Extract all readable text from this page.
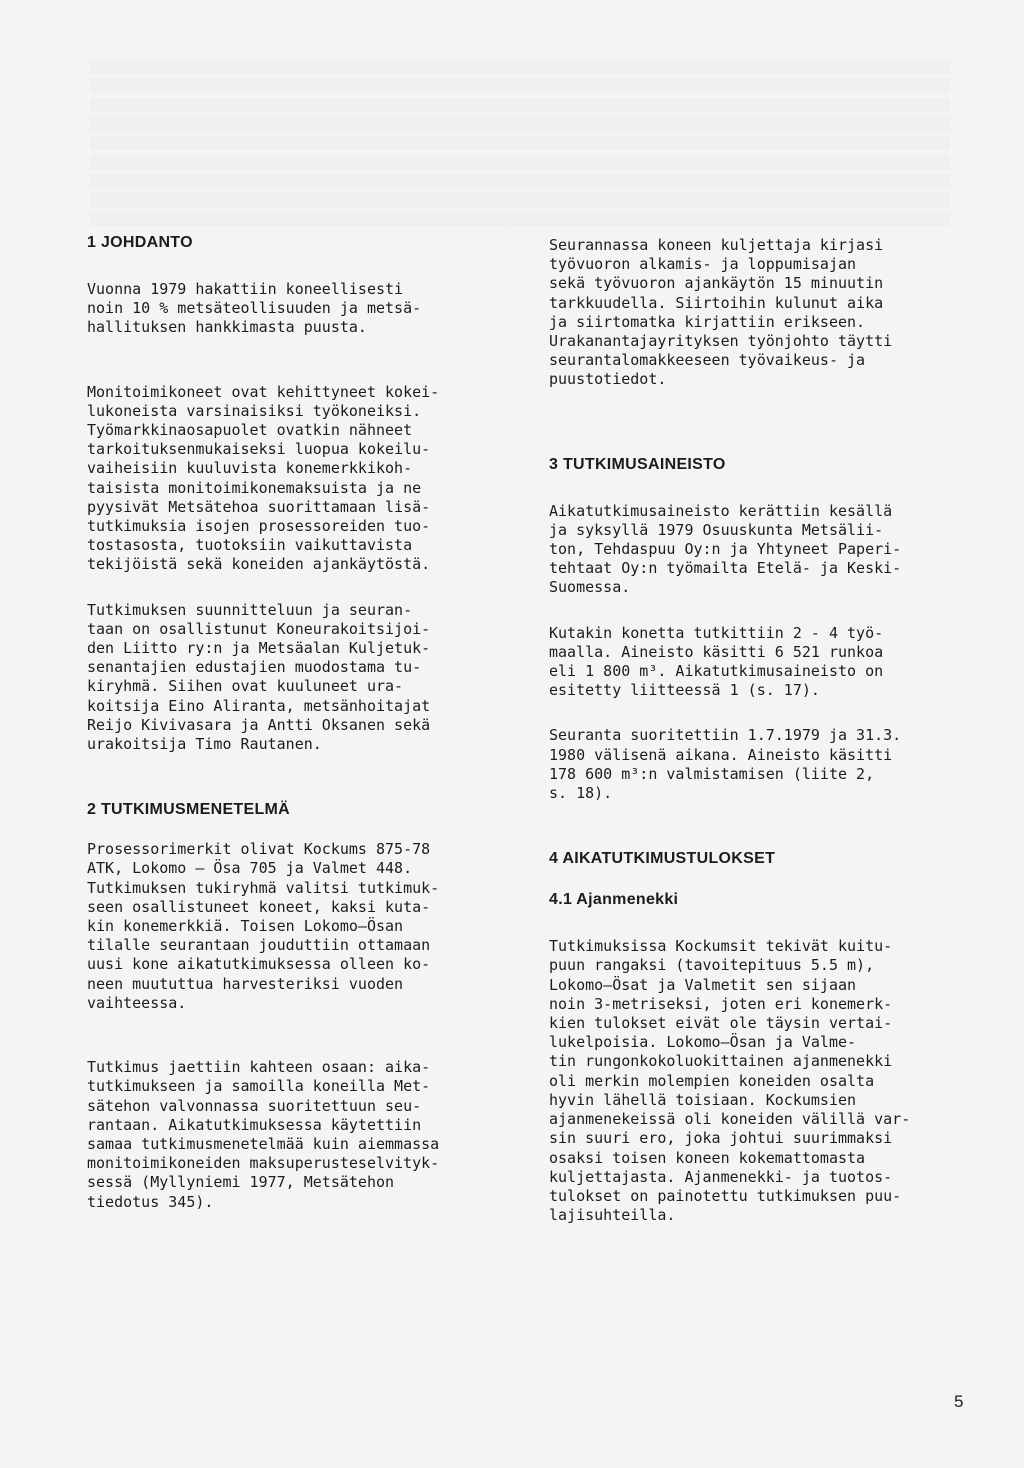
1 JOHDANTO

Vuonna 1979 hakattiin koneellisesti
noin 10 % metsäteollisuuden ja metsä-
hallituksen hankkimasta puusta.

Monitoimikoneet ovat kehittyneet kokei-
lukoneista varsinaisiksi työkoneiksi.
Työmarkkinaosapuolet ovatkin nähneet
tarkoituksenmukaiseksi luopua kokeilu-
vaiheisiin kuuluvista konemerkkikoh-
taisista monitoimikonemaksuista ja ne
pyysivät Metsätehoa suorittamaan lisä-
tutkimuksia isojen prosessoreiden tuo-
tostasosta, tuotoksiin vaikuttavista
tekijöistä sekä koneiden ajankäytöstä.

Tutkimuksen suunnitteluun ja seuran-
taan on osallistunut Koneurakoitsijoi-
den Liitto ry:n ja Metsäalan Kuljetuk-
senantajien edustajien muodostama tu-
kiryhmä. Siihen ovat kuuluneet ura-
koitsija Eino Aliranta, metsänhoitajat
Reijo Kivivasara ja Antti Oksanen sekä
urakoitsija Timo Rautanen.

2 TUTKIMUSMENETELMÄ

Prosessorimerkit olivat Kockums 875-78
ATK, Lokomo – Ösa 705 ja Valmet 448.
Tutkimuksen tukiryhmä valitsi tutkimuk-
seen osallistuneet koneet, kaksi kuta-
kin konemerkkiä. Toisen Lokomo–Ösan
tilalle seurantaan jouduttiin ottamaan
uusi kone aikatutkimuksessa olleen ko-
neen muututtua harvesteriksi vuoden
vaihteessa.

Tutkimus jaettiin kahteen osaan: aika-
tutkimukseen ja samoilla koneilla Met-
sätehon valvonnassa suoritettuun seu-
rantaan. Aikatutkimuksessa käytettiin
samaa tutkimusmenetelmää kuin aiemmassa
monitoimikoneiden maksuperusteselvityk-
sessä (Myllyniemi 1977, Metsätehon
tiedotus 345).

Seurannassa koneen kuljettaja kirjasi
työvuoron alkamis- ja loppumisajan
sekä työvuoron ajankäytön 15 minuutin
tarkkuudella. Siirtoihin kulunut aika
ja siirtomatka kirjattiin erikseen.
Urakanantajayrityksen työnjohto täytti
seurantalomakkeeseen työvaikeus- ja
puustotiedot.

3 TUTKIMUSAINEISTO

Aikatutkimusaineisto kerättiin kesällä
ja syksyllä 1979 Osuuskunta Metsälii-
ton, Tehdaspuu Oy:n ja Yhtyneet Paperi-
tehtaat Oy:n työmailta Etelä- ja Keski-
Suomessa.

Kutakin konetta tutkittiin 2 - 4 työ-
maalla. Aineisto käsitti 6 521 runkoa
eli 1 800 m³. Aikatutkimusaineisto on
esitetty liitteessä 1 (s. 17).

Seuranta suoritettiin 1.7.1979 ja 31.3.
1980 välisenä aikana. Aineisto käsitti
178 600 m³:n valmistamisen (liite 2,
s. 18).

4 AIKATUTKIMUSTULOKSET
4.1 Ajanmenekki

Tutkimuksissa Kockumsit tekivät kuitu-
puun rangaksi (tavoitepituus 5.5 m),
Lokomo–Ösat ja Valmetit sen sijaan
noin 3-metriseksi, joten eri konemerk-
kien tulokset eivät ole täysin vertai-
lukelpoisia. Lokomo–Ösan ja Valme-
tin rungonkokoluokittainen ajanmenekki
oli merkin molempien koneiden osalta
hyvin lähellä toisiaan. Kockumsien
ajanmenekeissä oli koneiden välillä var-
sin suuri ero, joka johtui suurimmaksi
osaksi toisen koneen kokemattomasta
kuljettajasta. Ajanmenekki- ja tuotos-
tulokset on painotettu tutkimuksen puu-
lajisuhteilla.

5
